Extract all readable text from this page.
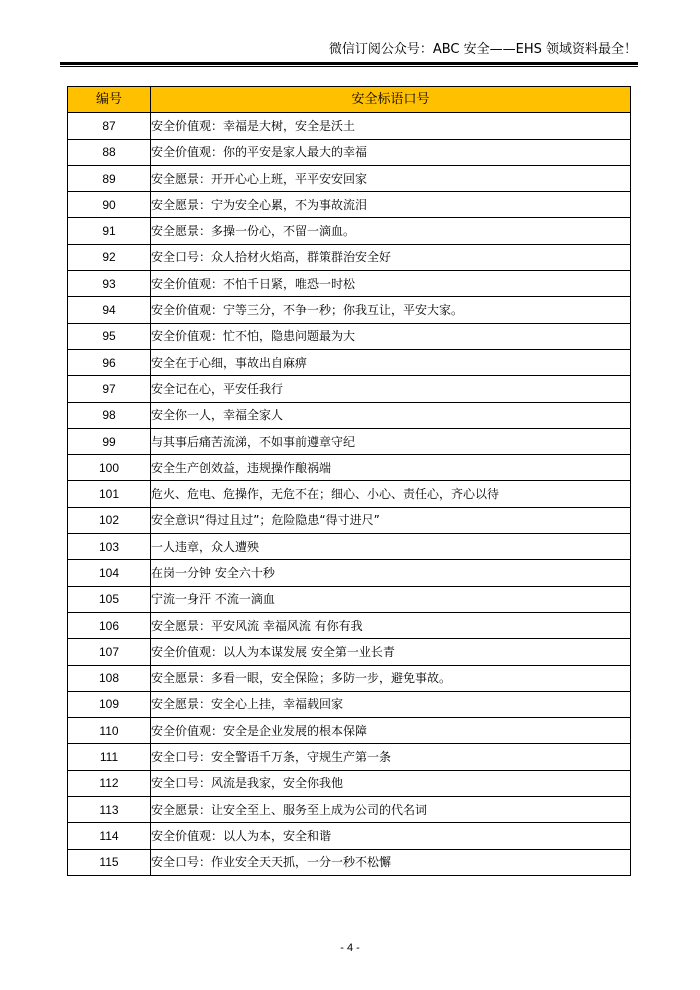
微信订阅公众号：ABC 安全——EHS 领域资料最全！
编号	安全标语口号
87	安全价值观：幸福是大树，安全是沃土
88	安全价值观：你的平安是家人最大的幸福
89	安全愿景：开开心心上班，平平安安回家
90	安全愿景：宁为安全心累，不为事故流泪
91	安全愿景：多操一份心，不留一滴血。
92	安全口号：众人拾材火焰高，群策群治安全好
93	安全价值观：不怕千日紧，唯恐一时松
94	安全价值观：宁等三分，不争一秒；你我互让，平安大家。
95	安全价值观：忙不怕，隐患问题最为大
96	安全在于心细，事故出自麻痹
97	安全记在心，平安任我行
98	安全你一人，幸福全家人
99	与其事后痛苦流涕，不如事前遵章守纪
100	安全生产创效益，违规操作酿祸端
101	危火、危电、危操作，无危不在；细心、小心、责任心，齐心以待
102	安全意识“得过且过”；危险隐患“得寸进尺”
103	一人违章，众人遭殃
104	在岗一分钟 安全六十秒
105	宁流一身汗 不流一滴血
106	安全愿景：平安风流 幸福风流 有你有我
107	安全价值观：以人为本谋发展 安全第一业长青
108	安全愿景：多看一眼，安全保险；多防一步，避免事故。
109	安全愿景：安全心上挂，幸福载回家
110	安全价值观：安全是企业发展的根本保障
111	安全口号：安全警语千万条，守规生产第一条
112	安全口号：风流是我家，安全你我他
113	安全愿景：让安全至上、服务至上成为公司的代名词
114	安全价值观：以人为本，安全和谐
115	安全口号：作业安全天天抓，一分一秒不松懈
- 4 -
